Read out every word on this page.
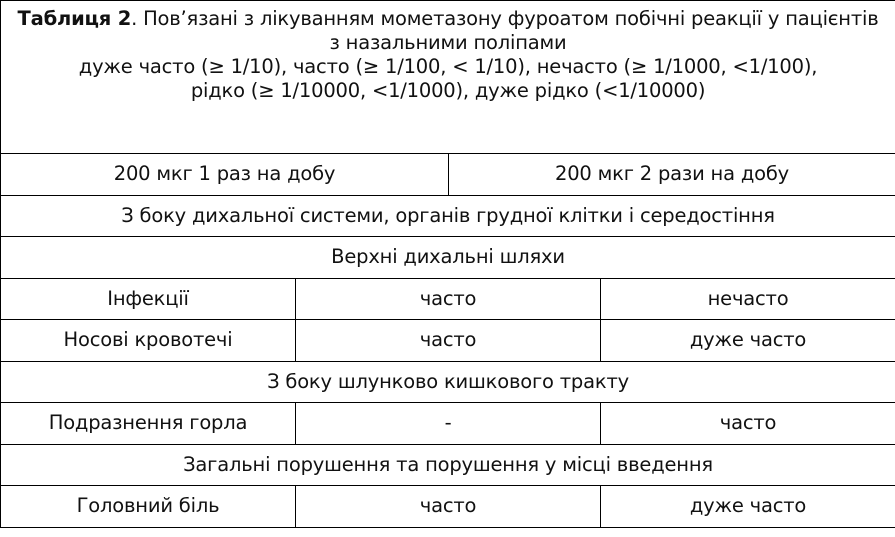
Таблиця 2. Пов’язані з лікуванням мометазону фуроатом побічні реакції у пацієнтів з назальними поліпами
дуже часто (≥ 1/10), часто (≥ 1/100, < 1/10), нечасто (≥ 1/1000, <1/100),
рідко (≥ 1/10000, <1/1000), дуже рідко (<1/10000)			

200 мкг 1 раз на добу		200 мкг 2 рази на добу	
З боку дихальної системи, органів грудної клітки і середостіння			
Верхні дихальні шляхи			
Інфекції	часто		нечасто
Носові кровотечі	часто		дуже часто
З боку шлунково кишкового тракту			
Подразнення горла	-		часто
Загальні порушення та порушення у місці введення			
Головний біль	часто		дуже часто
